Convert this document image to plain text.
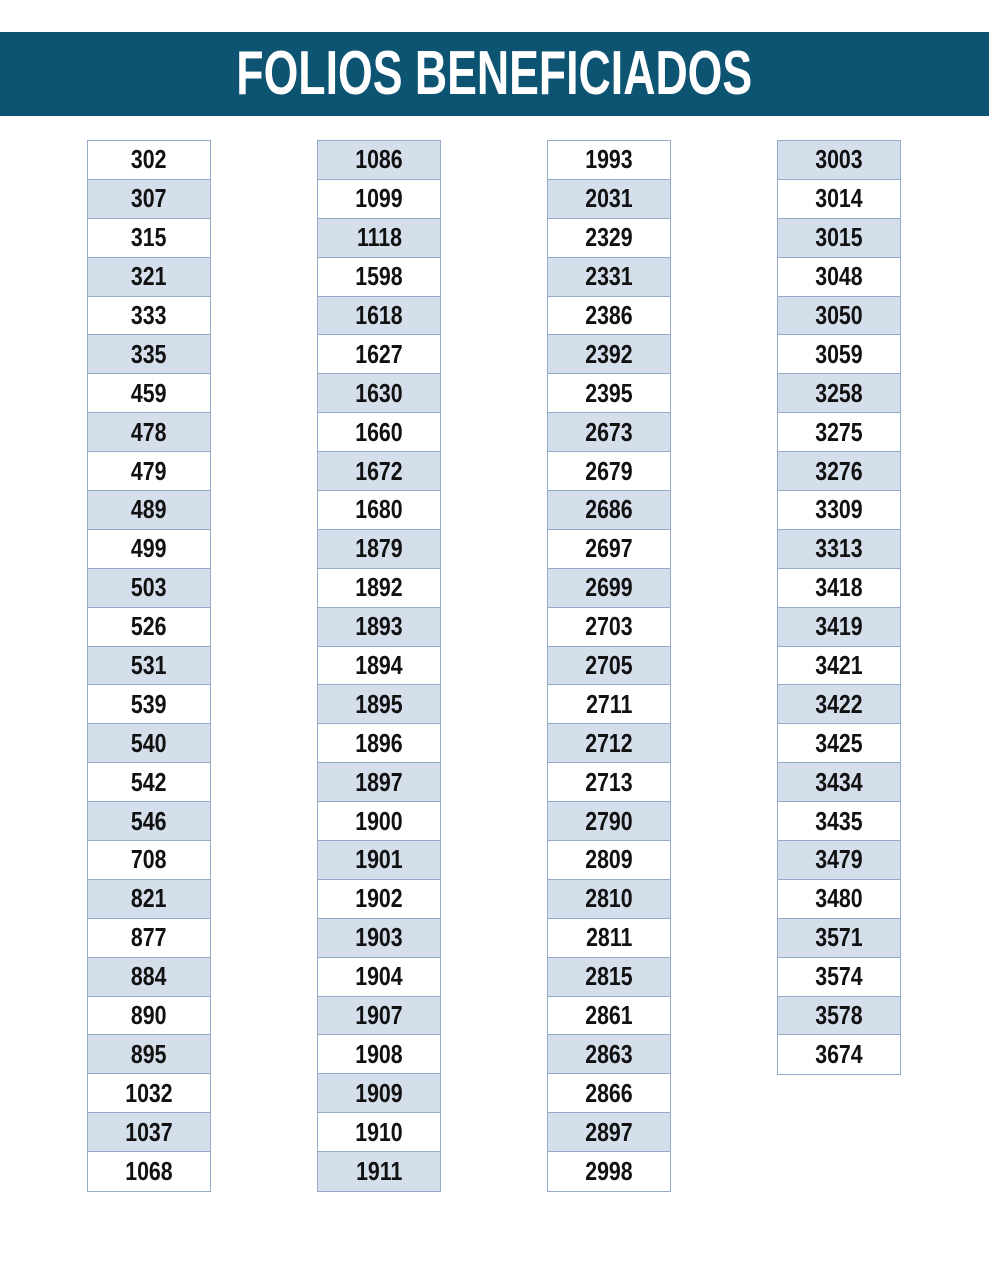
FOLIOS BENEFICIADOS
302
307
315
321
333
335
459
478
479
489
499
503
526
531
539
540
542
546
708
821
877
884
890
895
1032
1037
1068
1086
1099
1118
1598
1618
1627
1630
1660
1672
1680
1879
1892
1893
1894
1895
1896
1897
1900
1901
1902
1903
1904
1907
1908
1909
1910
1911
1993
2031
2329
2331
2386
2392
2395
2673
2679
2686
2697
2699
2703
2705
2711
2712
2713
2790
2809
2810
2811
2815
2861
2863
2866
2897
2998
3003
3014
3015
3048
3050
3059
3258
3275
3276
3309
3313
3418
3419
3421
3422
3425
3434
3435
3479
3480
3571
3574
3578
3674
